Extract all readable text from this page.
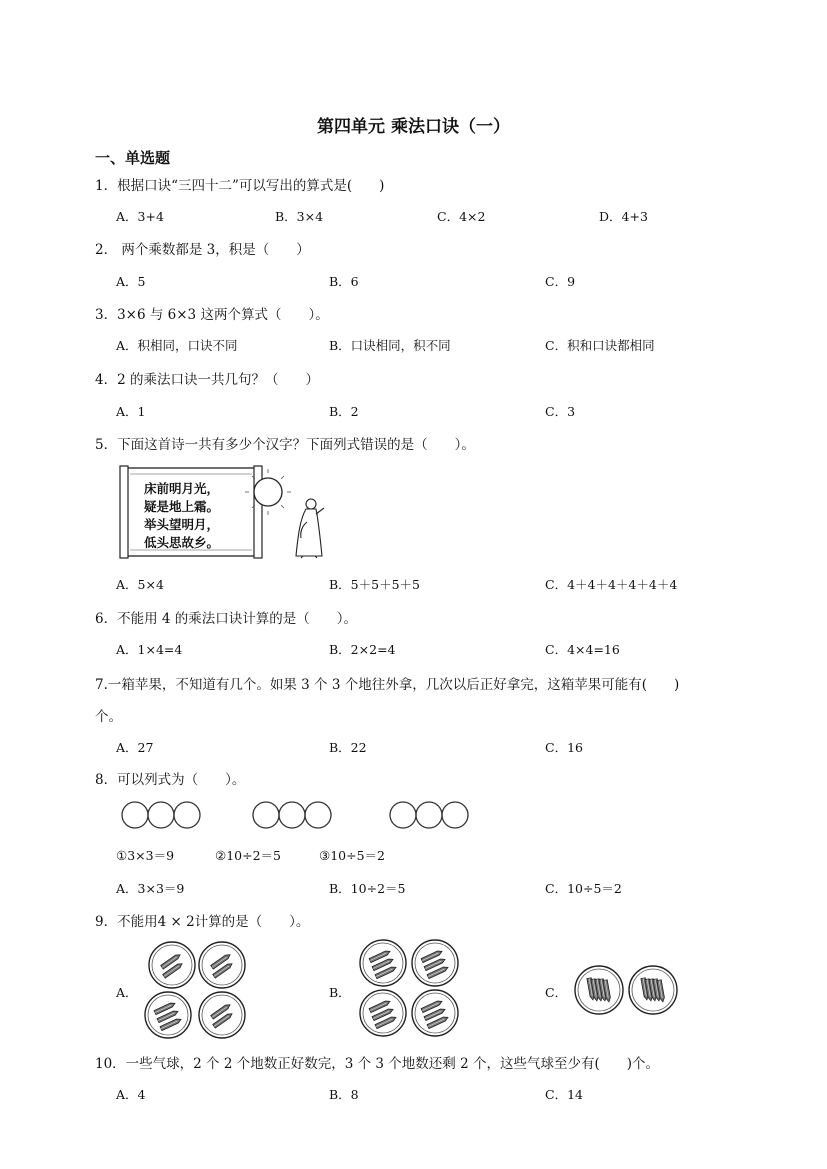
第四单元 乘法口诀（一）
一、单选题
1．根据口诀“三四十二”可以写出的算式是(　　)
A．3+4	B．3×4	C．4×2	D．4+3
2． 两个乘数都是 3，积是（　　）
A．5	B．6	C．9
3．3×6 与 6×3 这两个算式（　　）。
A．积相同，口诀不同	B．口诀相同，积不同	C．积和口诀都相同
4．2 的乘法口诀一共几句？（　　）
A．1	B．2	C．3
5．下面这首诗一共有多少个汉字？下面列式错误的是（　　）。
床前明月光，
疑是地上霜。
举头望明月，
低头思故乡。
A．5×4	B．5＋5＋5＋5	C．4＋4＋4＋4＋4＋4
6．不能用 4 的乘法口诀计算的是（　　）。
A．1×4=4	B．2×2=4	C．4×4=16
7.一箱苹果，不知道有几个。如果 3 个 3 个地往外拿，几次以后正好拿完，这箱苹果可能有(　　)
个。
A．27	B．22	C．16
8．可以列式为（　　）。
①3×3＝9	②10÷2＝5	③10÷5＝2
A．3×3＝9	B．10÷2＝5	C．10÷5＝2
9．不能用4 × 2计算的是（　　）。
A．	B．	C．
10．一些气球，2 个 2 个地数正好数完，3 个 3 个地数还剩 2 个，这些气球至少有(　　)个。
A．4	B．8	C．14
